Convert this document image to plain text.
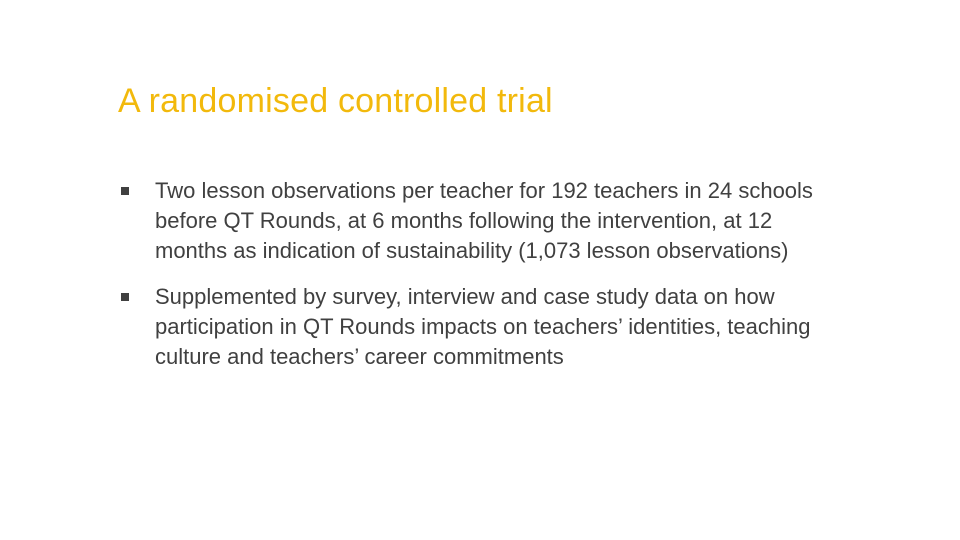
A randomised controlled trial
Two lesson observations per teacher for 192 teachers in 24 schools before QT Rounds, at 6 months following the intervention, at 12 months as indication of sustainability (1,073 lesson observations)
Supplemented by survey, interview and case study data on how participation in QT Rounds impacts on teachers’ identities, teaching culture and teachers’ career commitments
